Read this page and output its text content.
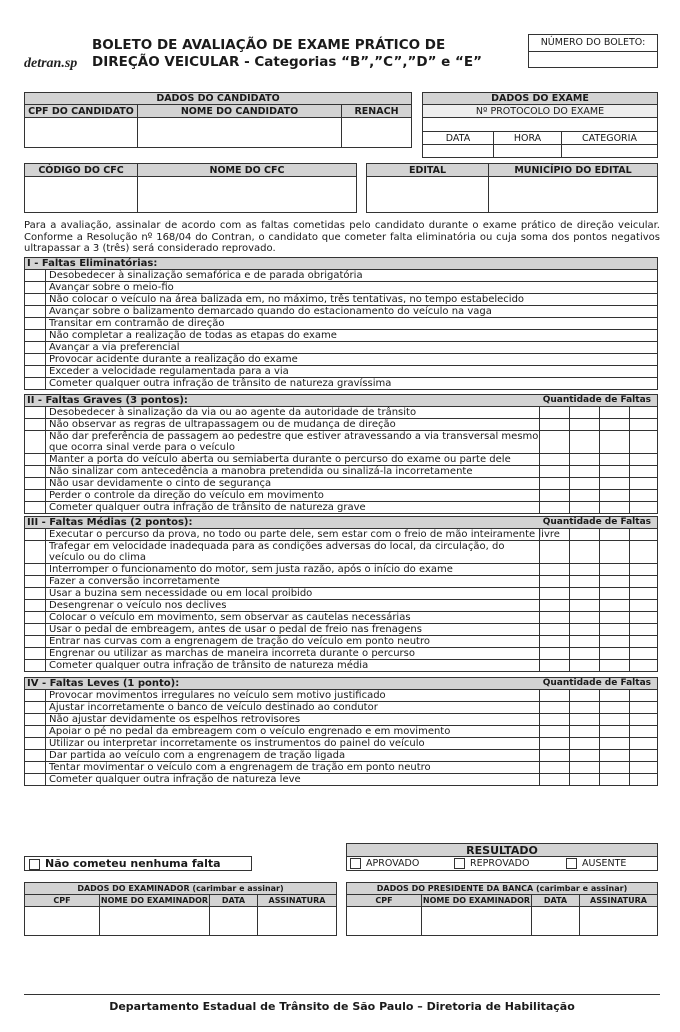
detran.sp
BOLETO DE AVALIAÇÃO DE EXAME PRÁTICO DE
DIREÇÃO VEICULAR - Categorias “B”,”C”,”D” e “E”
NÚMERO DO BOLETO:
DADOS DO CANDIDATO
CPF DO CANDIDATO	NOME DO CANDIDATO	RENACH
DADOS DO EXAME
Nº PROTOCOLO DO EXAME
DATA	HORA	CATEGORIA
CÓDIGO DO CFC	NOME DO CFC	EDITAL	MUNICÍPIO DO EDITAL
Para a avaliação, assinalar de acordo com as faltas cometidas pelo candidato durante o exame prático de direção veicular. Conforme a Resolução nº 168/04 do Contran, o candidato que cometer falta eliminatória ou cuja soma dos pontos negativos ultrapassar a 3 (três) será considerado reprovado.
I - Faltas Eliminatórias:
Desobedecer à sinalização semafórica e de parada obrigatória
Avançar sobre o meio-fio
Não colocar o veículo na área balizada em, no máximo, três tentativas, no tempo estabelecido
Avançar sobre o balizamento demarcado quando do estacionamento do veículo na vaga
Transitar em contramão de direção
Não completar a realização de todas as etapas do exame
Avançar a via preferencial
Provocar acidente durante a realização do exame
Exceder a velocidade regulamentada para a via
Cometer qualquer outra infração de trânsito de natureza gravíssima
II - Faltas Graves (3 pontos):	Quantidade de Faltas
Desobedecer à sinalização da via ou ao agente da autoridade de trânsito
Não observar as regras de ultrapassagem ou de mudança de direção
Não dar preferência de passagem ao pedestre que estiver atravessando a via transversal mesmo que ocorra sinal verde para o veículo
Manter a porta do veículo aberta ou semiaberta durante o percurso do exame ou parte dele
Não sinalizar com antecedência a manobra pretendida ou sinalizá-la incorretamente
Não usar devidamente o cinto de segurança
Perder o controle da direção do veículo em movimento
Cometer qualquer outra infração de trânsito de natureza grave
III - Faltas Médias (2 pontos):	Quantidade de Faltas
Executar o percurso da prova, no todo ou parte dele, sem estar com o freio de mão inteiramente livre
Trafegar em velocidade inadequada para as condições adversas do local, da circulação, do veículo ou do clima
Interromper o funcionamento do motor, sem justa razão, após o início do exame
Fazer a conversão incorretamente
Usar a buzina sem necessidade ou em local proibido
Desengrenar o veículo nos declives
Colocar o veículo em movimento, sem observar as cautelas necessárias
Usar o pedal de embreagem, antes de usar o pedal de freio nas frenagens
Entrar nas curvas com a engrenagem de tração do veículo em ponto neutro
Engrenar ou utilizar as marchas de maneira incorreta durante o percurso
Cometer qualquer outra infração de trânsito de natureza média
IV - Faltas Leves (1 ponto):	Quantidade de Faltas
Provocar movimentos irregulares no veículo sem motivo justificado
Ajustar incorretamente o banco de veículo destinado ao condutor
Não ajustar devidamente os espelhos retrovisores
Apoiar o pé no pedal da embreagem com o veículo engrenado e em movimento
Utilizar ou interpretar incorretamente os instrumentos do painel do veículo
Dar partida ao veículo com a engrenagem de tração ligada
Tentar movimentar o veículo com a engrenagem de tração em ponto neutro
Cometer qualquer outra infração de natureza leve
Não cometeu nenhuma falta
RESULTADO
APROVADO	REPROVADO	AUSENTE
DADOS DO EXAMINADOR (carimbar e assinar)
CPF	NOME DO EXAMINADOR	DATA	ASSINATURA
DADOS DO PRESIDENTE DA BANCA (carimbar e assinar)
CPF	NOME DO EXAMINADOR	DATA	ASSINATURA
Departamento Estadual de Trânsito de São Paulo – Diretoria de Habilitação
